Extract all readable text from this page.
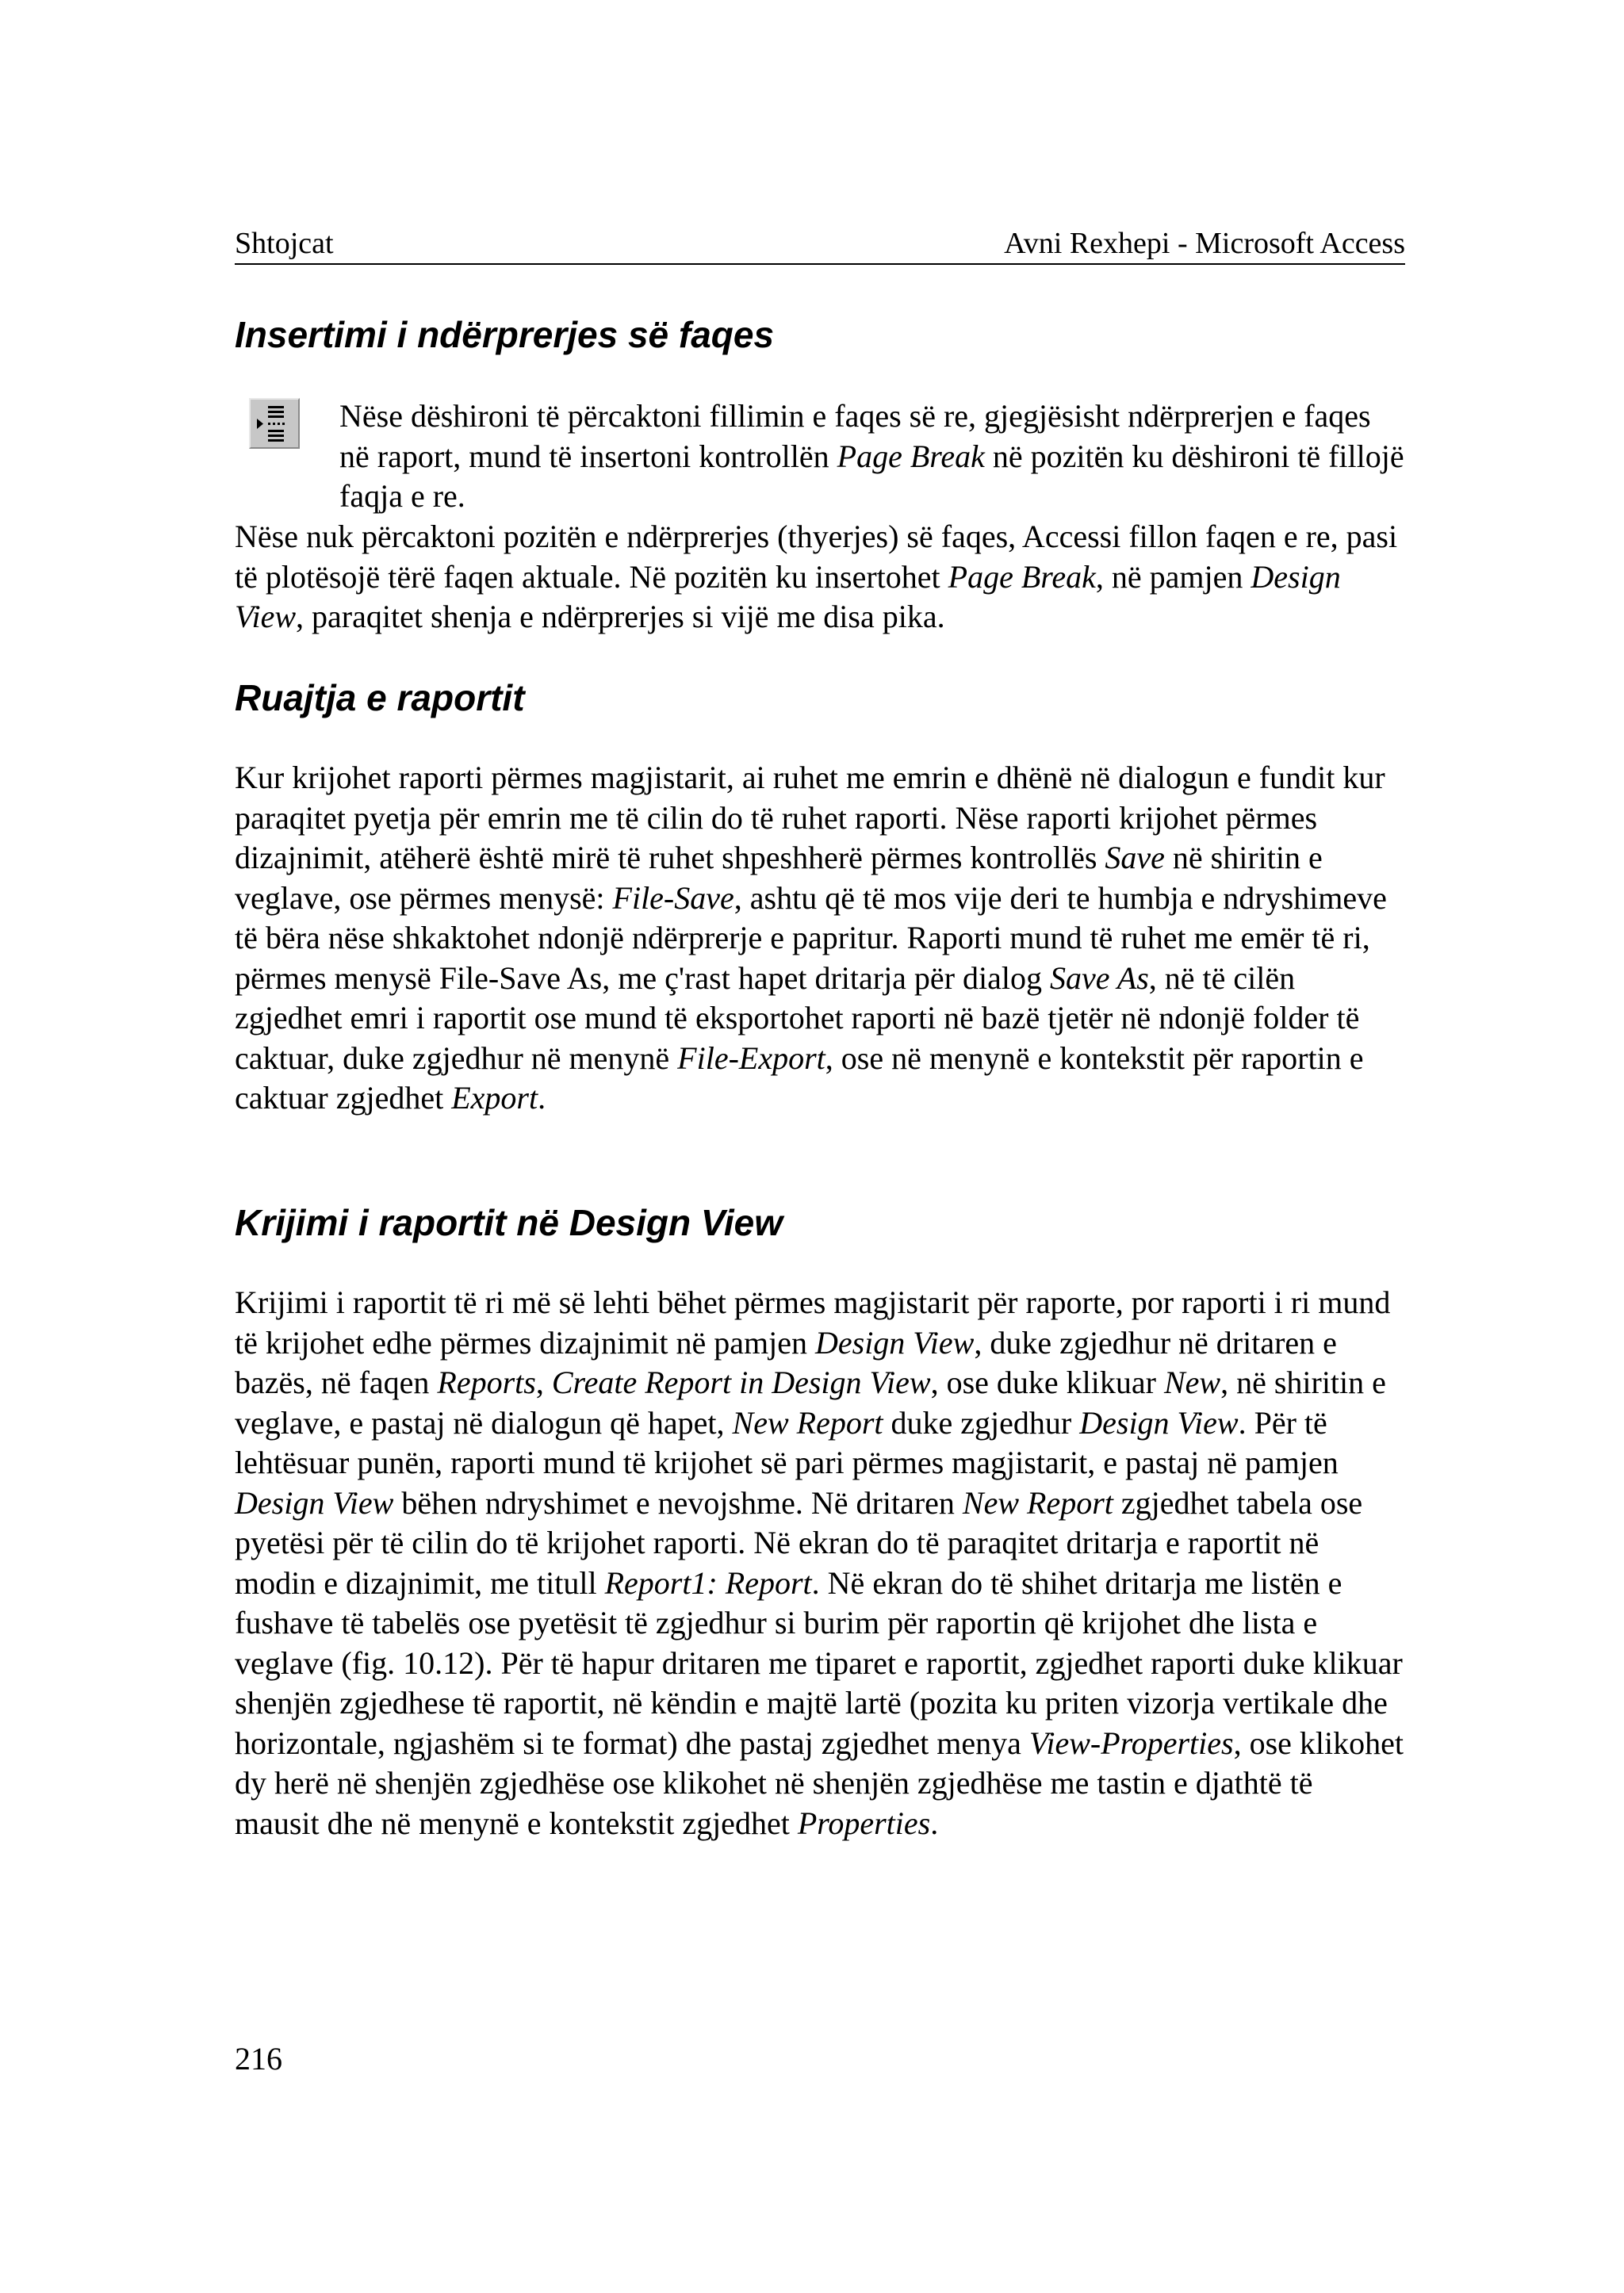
Shtojcat	Avni Rexhepi - Microsoft Access
Insertimi i ndërprerjes së faqes

Nëse dëshironi të përcaktoni fillimin e faqes së re, gjegjësisht ndërprerjen e faqes në raport, mund të insertoni kontrollën Page Break në pozitën ku dëshironi të fillojë faqja e re.

Nëse nuk përcaktoni pozitën e ndërprerjes (thyerjes) së faqes, Accessi fillon faqen e re, pasi të plotësojë tërë faqen aktuale. Në pozitën ku insertohet Page Break, në pamjen Design View, paraqitet shenja e ndërprerjes si vijë me disa pika.

Ruajtja e raportit

Kur krijohet raporti përmes magjistarit, ai ruhet me emrin e dhënë në dialogun e fundit kur paraqitet pyetja për emrin me të cilin do të ruhet raporti. Nëse raporti krijohet përmes dizajnimit, atëherë është mirë të ruhet shpeshherë përmes kontrollës Save në shiritin e veglave, ose përmes menysë: File-Save, ashtu që të mos vije deri te humbja e ndryshimeve të bëra nëse shkaktohet ndonjë ndërprerje e papritur. Raporti mund të ruhet me emër të ri, përmes menysë File-Save As, me ç'rast hapet dritarja për dialog Save As, në të cilën zgjedhet emri i raportit ose mund të eksportohet raporti në bazë tjetër në ndonjë folder të caktuar, duke zgjedhur në menynë File-Export, ose në menynë e kontekstit për raportin e caktuar zgjedhet Export.

Krijimi i raportit në Design View

Krijimi i raportit të ri më së lehti bëhet përmes magjistarit për raporte, por raporti i ri mund të krijohet edhe përmes dizajnimit në pamjen Design View, duke zgjedhur në dritaren e bazës, në faqen Reports, Create Report in Design View, ose duke klikuar New, në shiritin e veglave, e pastaj në dialogun që hapet, New Report duke zgjedhur Design View. Për të lehtësuar punën, raporti mund të krijohet së pari përmes magjistarit, e pastaj në pamjen Design View bëhen ndryshimet e nevojshme. Në dritaren New Report zgjedhet tabela ose pyetësi për të cilin do të krijohet raporti. Në ekran do të paraqitet dritarja e raportit në modin e dizajnimit, me titull Report1: Report. Në ekran do të shihet dritarja me listën e fushave të tabelës ose pyetësit të zgjedhur si burim për raportin që krijohet dhe lista e veglave (fig. 10.12). Për të hapur dritaren me tiparet e raportit, zgjedhet raporti duke klikuar shenjën zgjedhese të raportit, në këndin e majtë lartë (pozita ku priten vizorja vertikale dhe horizontale, ngjashëm si te format) dhe pastaj zgjedhet menya View-Properties, ose klikohet dy herë në shenjën zgjedhëse ose klikohet në shenjën zgjedhëse me tastin e djathtë të mausit dhe në menynë e kontekstit zgjedhet Properties.

216
